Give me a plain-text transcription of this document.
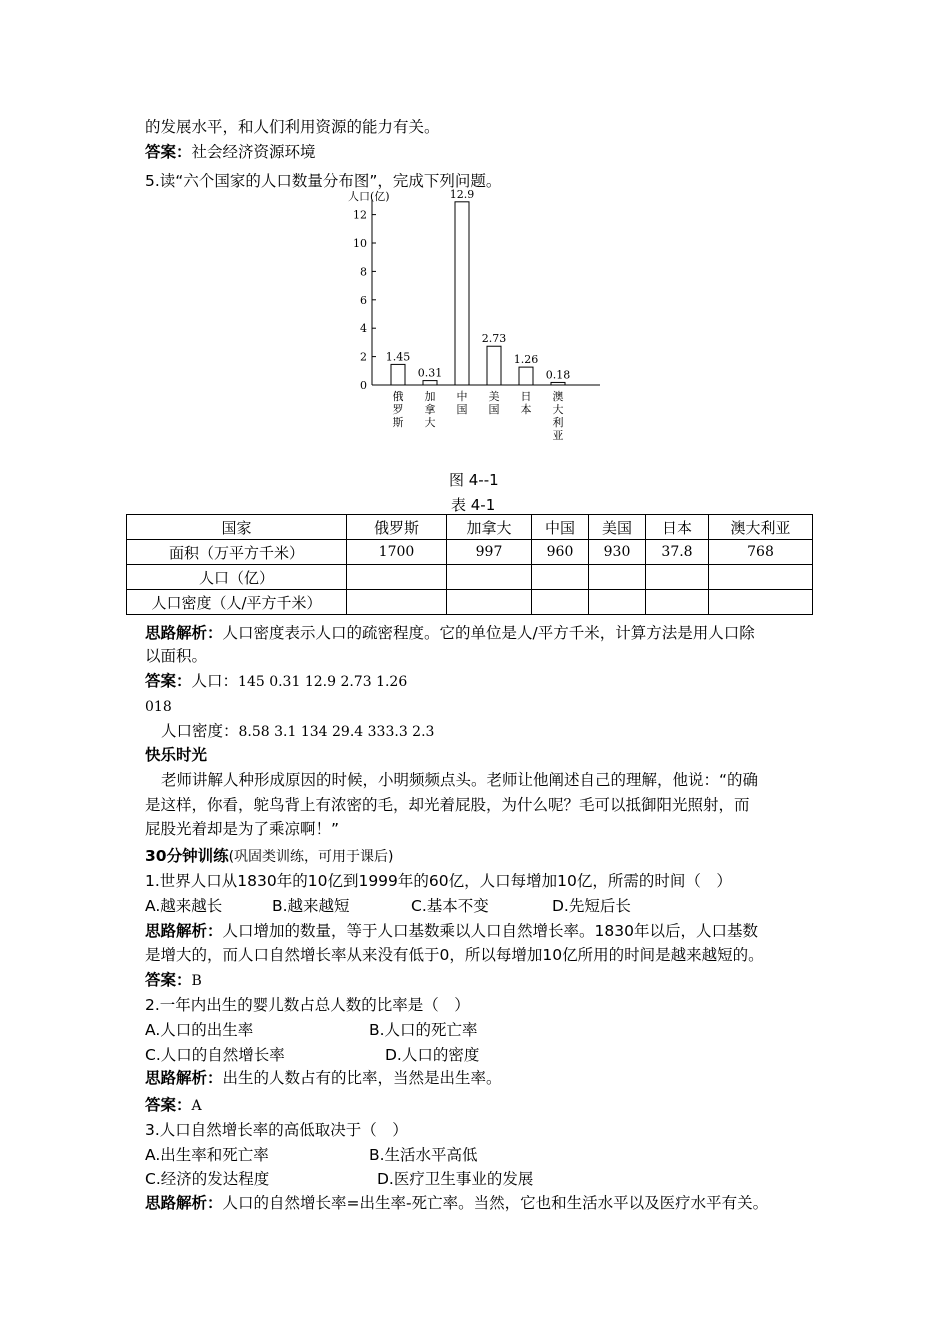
的发展水平，和人们利用资源的能力有关。
答案：社会经济资源环境
5.读“六个国家的人口数量分布图”，完成下列问题。
人口(亿)
0
2
4
6
8
10
12
1.45
俄罗斯
0.31
加拿大
12.9
中国
2.73
美国
1.26
日本
0.18
澳大利亚
图 4--1
表 4-1
国家	俄罗斯	加拿大	中国	美国	日本	澳大利亚
面积（万平方千米）	1700	997	960	930	37.8	768
人口（亿）						
人口密度（人/平方千米）						
思路解析：人口密度表示人口的疏密程度。它的单位是人/平方千米，计算方法是用人口除
以面积。
答案：人口：145 0.31 12.9 2.73 1.26
018
人口密度：8.58 3.1 134 29.4 333.3 2.3
快乐时光
老师讲解人种形成原因的时候，小明频频点头。老师让他阐述自己的理解，他说：“的确
是这样，你看，鸵鸟背上有浓密的毛，却光着屁股，为什么呢？毛可以抵御阳光照射，而
屁股光着却是为了乘凉啊！”
30分钟训练(巩固类训练，可用于课后)
1.世界人口从1830年的10亿到1999年的60亿，人口每增加10亿，所需的时间（　）
A.越来越长	B.越来越短	C.基本不变	D.先短后长
思路解析：人口增加的数量，等于人口基数乘以人口自然增长率。1830年以后，人口基数
是增大的，而人口自然增长率从来没有低于0，所以每增加10亿所用的时间是越来越短的。
答案：B
2.一年内出生的婴儿数占总人数的比率是（　）
A.人口的出生率	B.人口的死亡率
C.人口的自然增长率	D.人口的密度
思路解析：出生的人数占有的比率，当然是出生率。
答案：A
3.人口自然增长率的高低取决于（　）
A.出生率和死亡率	B.生活水平高低
C.经济的发达程度	D.医疗卫生事业的发展
思路解析：人口的自然增长率=出生率-死亡率。当然，它也和生活水平以及医疗水平有关。
